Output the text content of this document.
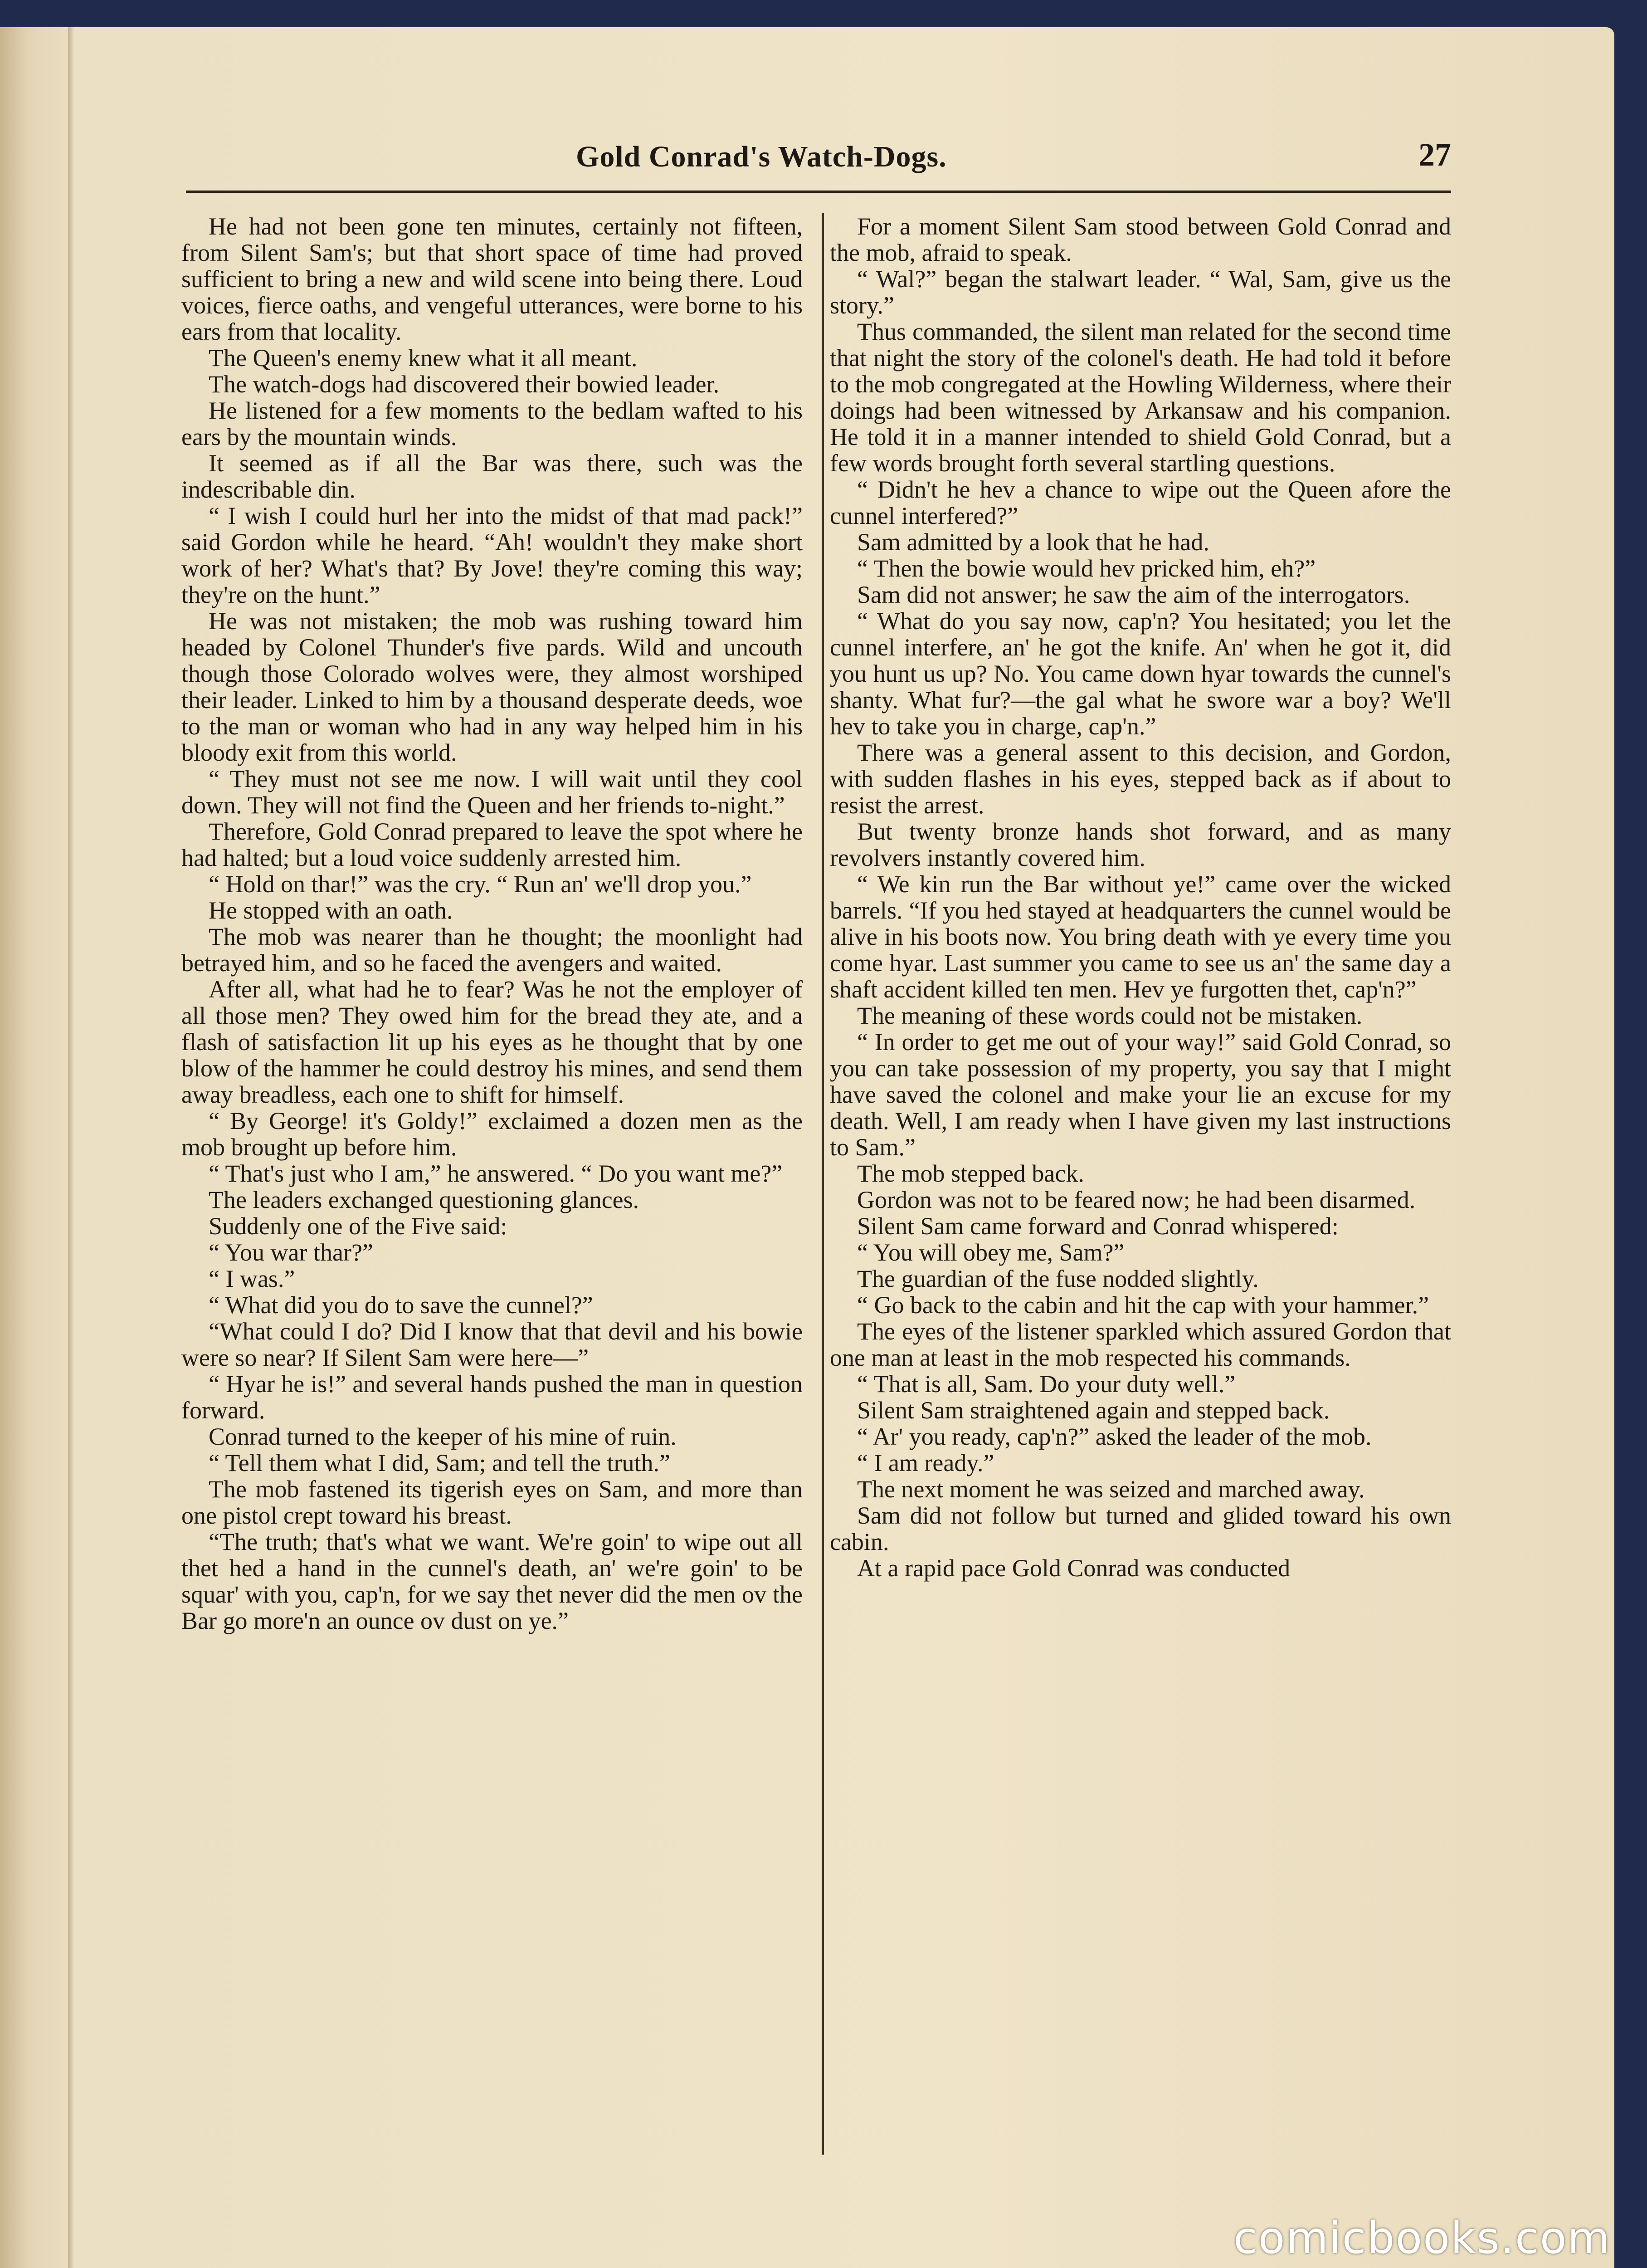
Gold Conrad's Watch-Dogs.	27

He had not been gone ten minutes, certainly not fifteen, from Silent Sam's; but that short space of time had proved sufficient to bring a new and wild scene into being there. Loud voices, fierce oaths, and vengeful utterances, were borne to his ears from that locality.

The Queen's enemy knew what it all meant.

The watch-dogs had discovered their bowied leader.

He listened for a few moments to the bedlam wafted to his ears by the mountain winds.

It seemed as if all the Bar was there, such was the indescribable din.

“ I wish I could hurl her into the midst of that mad pack!” said Gordon while he heard. “Ah! wouldn't they make short work of her? What's that? By Jove! they're coming this way; they're on the hunt.”

He was not mistaken; the mob was rushing toward him headed by Colonel Thunder's five pards. Wild and uncouth though those Colorado wolves were, they almost worshiped their leader. Linked to him by a thousand desperate deeds, woe to the man or woman who had in any way helped him in his bloody exit from this world.

“ They must not see me now. I will wait until they cool down. They will not find the Queen and her friends to-night.”

Therefore, Gold Conrad prepared to leave the spot where he had halted; but a loud voice suddenly arrested him.

“ Hold on thar!” was the cry. “ Run an' we'll drop you.”

He stopped with an oath.

The mob was nearer than he thought; the moonlight had betrayed him, and so he faced the avengers and waited.

After all, what had he to fear? Was he not the employer of all those men? They owed him for the bread they ate, and a flash of satisfaction lit up his eyes as he thought that by one blow of the hammer he could destroy his mines, and send them away breadless, each one to shift for himself.

“ By George! it's Goldy!” exclaimed a dozen men as the mob brought up before him.

“ That's just who I am,” he answered. “ Do you want me?”

The leaders exchanged questioning glances.

Suddenly one of the Five said:

“ You war thar?”

“ I was.”

“ What did you do to save the cunnel?”

“What could I do? Did I know that that devil and his bowie were so near? If Silent Sam were here—”

“ Hyar he is!” and several hands pushed the man in question forward.

Conrad turned to the keeper of his mine of ruin.

“ Tell them what I did, Sam; and tell the truth.”

The mob fastened its tigerish eyes on Sam, and more than one pistol crept toward his breast.

“The truth; that's what we want. We're goin' to wipe out all thet hed a hand in the cunnel's death, an' we're goin' to be squar' with you, cap'n, for we say thet never did the men ov the Bar go more'n an ounce ov dust on ye.”

For a moment Silent Sam stood between Gold Conrad and the mob, afraid to speak.

“ Wal?” began the stalwart leader. “ Wal, Sam, give us the story.”

Thus commanded, the silent man related for the second time that night the story of the colonel's death. He had told it before to the mob congregated at the Howling Wilderness, where their doings had been witnessed by Arkansaw and his companion. He told it in a manner intended to shield Gold Conrad, but a few words brought forth several startling questions.

“ Didn't he hev a chance to wipe out the Queen afore the cunnel interfered?”

Sam admitted by a look that he had.

“ Then the bowie would hev pricked him, eh?”

Sam did not answer; he saw the aim of the interrogators.

“ What do you say now, cap'n? You hesitated; you let the cunnel interfere, an' he got the knife. An' when he got it, did you hunt us up? No. You came down hyar towards the cunnel's shanty. What fur?—the gal what he swore war a boy? We'll hev to take you in charge, cap'n.”

There was a general assent to this decision, and Gordon, with sudden flashes in his eyes, stepped back as if about to resist the arrest.

But twenty bronze hands shot forward, and as many revolvers instantly covered him.

“ We kin run the Bar without ye!” came over the wicked barrels. “If you hed stayed at headquarters the cunnel would be alive in his boots now. You bring death with ye every time you come hyar. Last summer you came to see us an' the same day a shaft accident killed ten men. Hev ye furgotten thet, cap'n?”

The meaning of these words could not be mistaken.

“ In order to get me out of your way!” said Gold Conrad, so you can take possession of my property, you say that I might have saved the colonel and make your lie an excuse for my death. Well, I am ready when I have given my last instructions to Sam.”

The mob stepped back.

Gordon was not to be feared now; he had been disarmed.

Silent Sam came forward and Conrad whispered:

“ You will obey me, Sam?”

The guardian of the fuse nodded slightly.

“ Go back to the cabin and hit the cap with your hammer.”

The eyes of the listener sparkled which assured Gordon that one man at least in the mob respected his commands.

“ That is all, Sam. Do your duty well.”

Silent Sam straightened again and stepped back.

“ Ar' you ready, cap'n?” asked the leader of the mob.

“ I am ready.”

The next moment he was seized and marched away.

Sam did not follow but turned and glided toward his own cabin.

At a rapid pace Gold Conrad was conducted

comicbooks.com
